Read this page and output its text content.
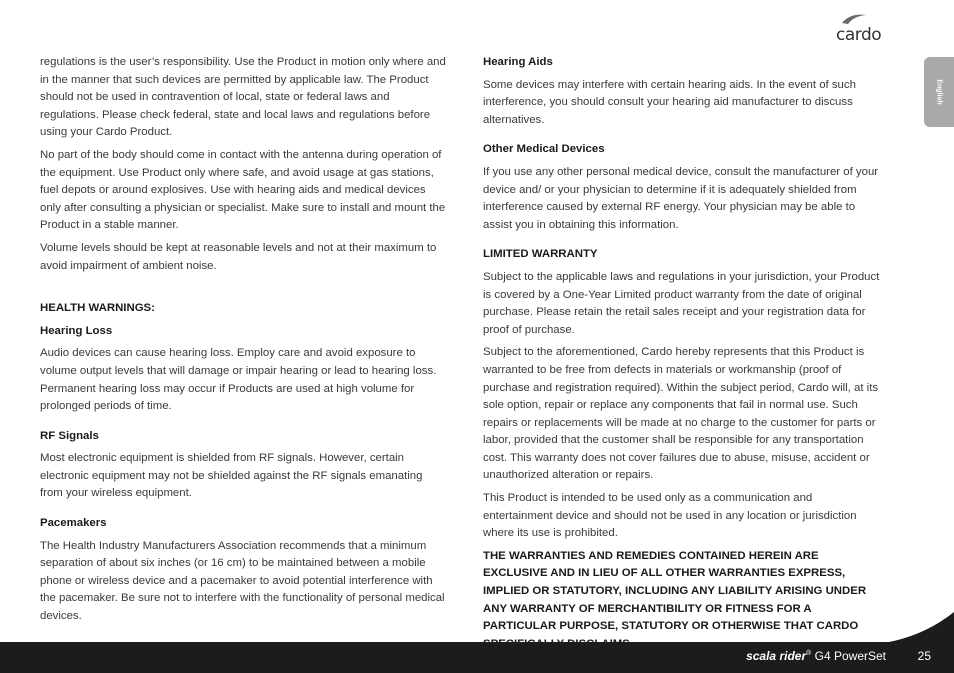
cardo
English

regulations is the user’s responsibility. Use the Product in motion only where and in the manner that such devices are permitted by applicable law. The Product should not be used in contravention of local, state or federal laws and regulations. Please check federal, state and local laws and regulations before using your Cardo Product.

No part of the body should come in contact with the antenna during operation of the equipment. Use Product only where safe, and avoid usage at gas stations, fuel depots or around explosives. Use with hearing aids and medical devices only after consulting a physician or specialist. Make sure to install and mount the Product in a stable manner.

Volume levels should be kept at reasonable levels and not at their maximum to avoid impairment of ambient noise.

HEALTH WARNINGS:
Hearing Loss

Audio devices can cause hearing loss. Employ care and avoid exposure to volume output levels that will damage or impair hearing or lead to hearing loss. Permanent hearing loss may occur if Products are used at high volume for prolonged periods of time.

RF Signals

Most electronic equipment is shielded from RF signals. However, certain electronic equipment may not be shielded against the RF signals emanating from your wireless equipment.

Pacemakers

The Health Industry Manufacturers Association recommends that a minimum separation of about six inches (or 16 cm) to be maintained between a mobile phone or wireless device and a pacemaker to avoid potential interference with the pacemaker. Be sure not to interfere with the functionality of personal medical devices.

Hearing Aids

Some devices may interfere with certain hearing aids. In the event of such interference, you should consult your hearing aid manufacturer to discuss alternatives.

Other Medical Devices

If you use any other personal medical device, consult the manufacturer of your device and/ or your physician to determine if it is adequately shielded from interference caused by external RF energy. Your physician may be able to assist you in obtaining this information.

LIMITED WARRANTY

Subject to the applicable laws and regulations in your jurisdiction, your Product is covered by a One-Year Limited product warranty from the date of original purchase. Please retain the retail sales receipt and your registration data for proof of purchase.

Subject to the aforementioned, Cardo hereby represents that this Product is warranted to be free from defects in materials or workmanship (proof of purchase and registration required). Within the subject period, Cardo will, at its sole option, repair or replace any components that fail in normal use. Such repairs or replacements will be made at no charge to the customer for parts or labor, provided that the customer shall be responsible for any transportation cost. This warranty does not cover failures due to abuse, misuse, accident or unauthorized alteration or repairs.

This Product is intended to be used only as a communication and entertainment device and should not be used in any location or jurisdiction where its use is prohibited.

THE WARRANTIES AND REMEDIES CONTAINED HEREIN ARE EXCLUSIVE AND IN LIEU OF ALL OTHER WARRANTIES EXPRESS, IMPLIED OR STATUTORY, INCLUDING ANY LIABILITY ARISING UNDER ANY WARRANTY OF MERCHANTIBILITY OR FITNESS FOR A PARTICULAR PURPOSE, STATUTORY OR OTHERWISE THAT CARDO

scala rider® G4 PowerSet	25
